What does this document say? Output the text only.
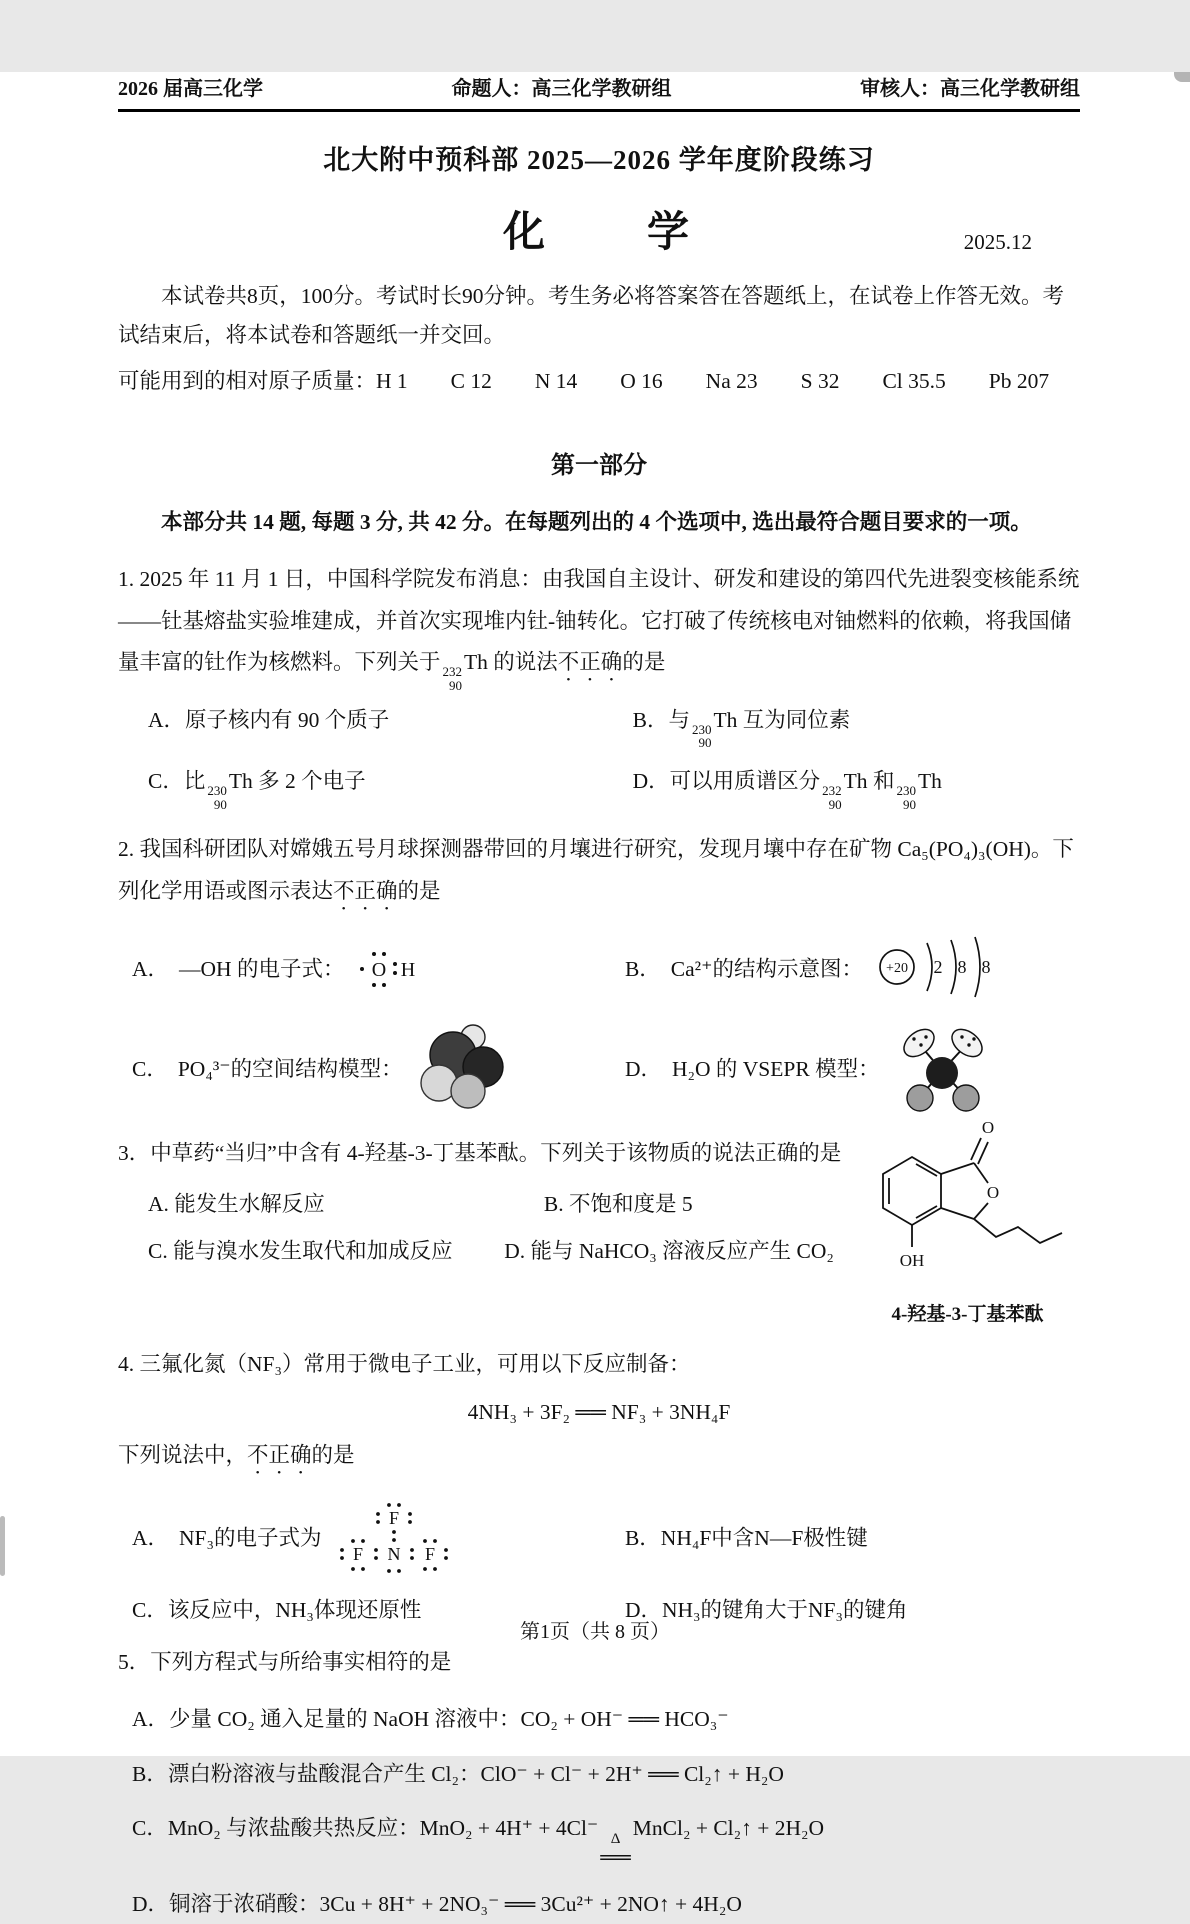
2026 届高三化学	命题人：高三化学教研组	审核人：高三化学教研组
北大附中预科部 2025—2026 学年度阶段练习
化　　学	2025.12

本试卷共8页，100分。考试时长90分钟。考生务必将答案答在答题纸上，在试卷上作答无效。考试结束后，将本试卷和答题纸一并交回。

可能用到的相对原子质量：H 1　　C 12　　N 14　　O 16　　Na 23　　S 32　　Cl 35.5　　Pb 207

第一部分

本部分共 14 题, 每题 3 分, 共 42 分。在每题列出的 4 个选项中, 选出最符合题目要求的一项。

1. 2025 年 11 月 1 日，中国科学院发布消息：由我国自主设计、研发和建设的第四代先进裂变核能系统——钍基熔盐实验堆建成，并首次实现堆内钍-铀转化。它打破了传统核电对铀燃料的依赖，将我国储量丰富的钍作为核燃料。下列关于 232
90
Th 的说法不正确的是

A．原子核内有 90 个质子	B．与 230
90
Th 互为同位素
C．比 230
90
Th 多 2 个电子	D．可以用质谱区分 232
90
Th 和 230
90
Th

2. 我国科研团队对嫦娥五号月球探测器带回的月壤进行研究，发现月壤中存在矿物 Ca₅(PO₄)₃(OH)。下列化学用语或图示表达不正确的是

A． —OH 的电子式： O H	B． Ca²⁺的结构示意图： +20 2 8 8
C． PO₄³⁻的空间结构模型：	D． H₂O 的 VSEPR 模型：

3．中草药“当归”中含有 4-羟基-3-丁基苯酞。下列关于该物质的说法正确的是

A. 能发生水解反应	B. 不饱和度是 5
C. 能与溴水发生取代和加成反应 D. 能与 NaHCO₃ 溶液反应产生 CO₂
O
O
OH
4-羟基-3-丁基苯酞

4. 三氟化氮（NF₃）常用于微电子工业，可用以下反应制备：

4NH₃ + 3F₂ ══ NF₃ + 3NH₄F

下列说法中，不正确的是

A． NF₃的电子式为
F
F N F
B．NH₄F中含N—F极性键
C．该反应中，NH₃体现还原性	D．NH₃的键角大于NF₃的键角

5．下列方程式与所给事实相符的是

A．少量 CO₂ 通入足量的 NaOH 溶液中：CO₂ + OH⁻ ══ HCO₃⁻
B．漂白粉溶液与盐酸混合产生 Cl₂：ClO⁻ + Cl⁻ + 2H⁺ ══ Cl₂↑ + H₂O
C．MnO₂ 与浓盐酸共热反应：MnO₂ + 4H⁺ + 4Cl⁻ Δ
══
MnCl₂ + Cl₂↑ + 2H₂O
D．铜溶于浓硝酸：3Cu + 8H⁺ + 2NO₃⁻ ══ 3Cu²⁺ + 2NO↑ + 4H₂O
第1页（共 8 页）
